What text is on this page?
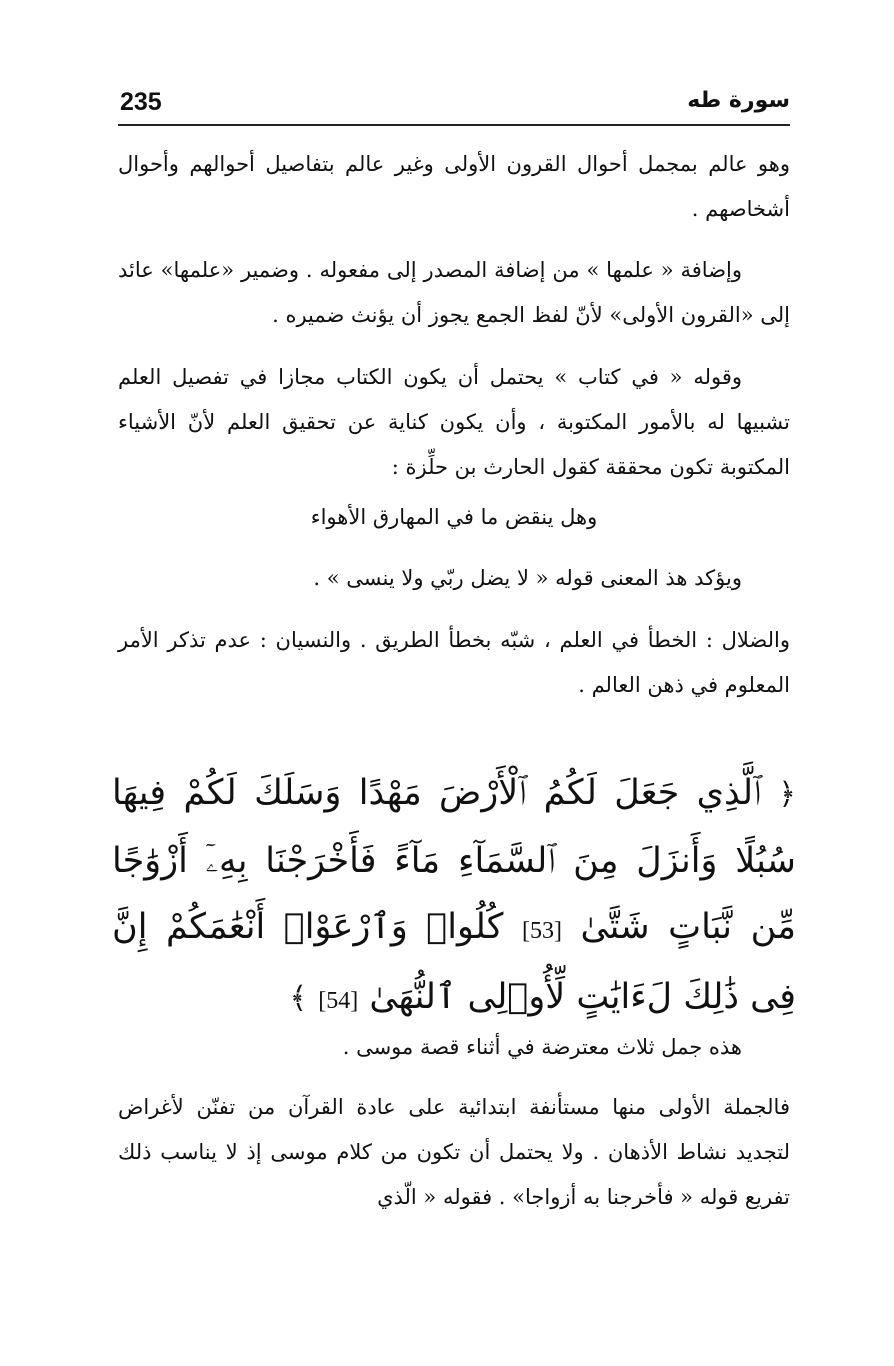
235	سورة طه

وهو عالم بمجمل أحوال القرون الأولى وغير عالم بتفاصيل أحوالهم وأحوال أشخاصهم .

وإضافة « علمها » من إضافة المصدر إلى مفعوله . وضمير «علمها» عائد إلى «القرون الأولى» لأنّ لفظ الجمع يجوز أن يؤنث ضميره .

وقوله « في كتاب » يحتمل أن يكون الكتاب مجازا في تفصيل العلم تشبيها له بالأمور المكتوبة ، وأن يكون كناية عن تحقيق العلم لأنّ الأشياء المكتوبة تكون محققة كقول الحارث بن حلِّزة :

وهل ينقض ما في المهارق الأهواء

ويؤكد هذ المعنى قوله « لا يضل ربّي ولا ينسى » .

والضلال : الخطأ في العلم ، شبّه بخطأ الطريق . والنسيان : عدم تذكر الأمر المعلوم في ذهن العالم .

﴿ ٱلَّذِي جَعَلَ لَكُمُ ٱلْأَرْضَ مَهْدًا وَسَلَكَ لَكُمْ فِيهَا سُبُلًا وَأَنزَلَ مِنَ ٱلسَّمَآءِ مَآءً فَأَخْرَجْنَا بِهِۦٓ أَزْوَٰجًا مِّن نَّبَاتٍ شَتَّىٰ [53] كُلُوا۟ وَٱرْعَوْا۟ أَنْعَٰمَكُمْ إِنَّ فِى ذَٰلِكَ لَءَايَٰتٍ لِّأُو۟لِى ٱلنُّهَىٰ [54] ﴾

هذه جمل ثلاث معترضة في أثناء قصة موسى .

فالجملة الأولى منها مستأنفة ابتدائية على عادة القرآن من تفنّن لأغراض لتجديد نشاط الأذهان . ولا يحتمل أن تكون من كلام موسى إذ لا يناسب ذلك تفريع قوله « فأخرجنا به أزواجا» . فقوله « الّذي
